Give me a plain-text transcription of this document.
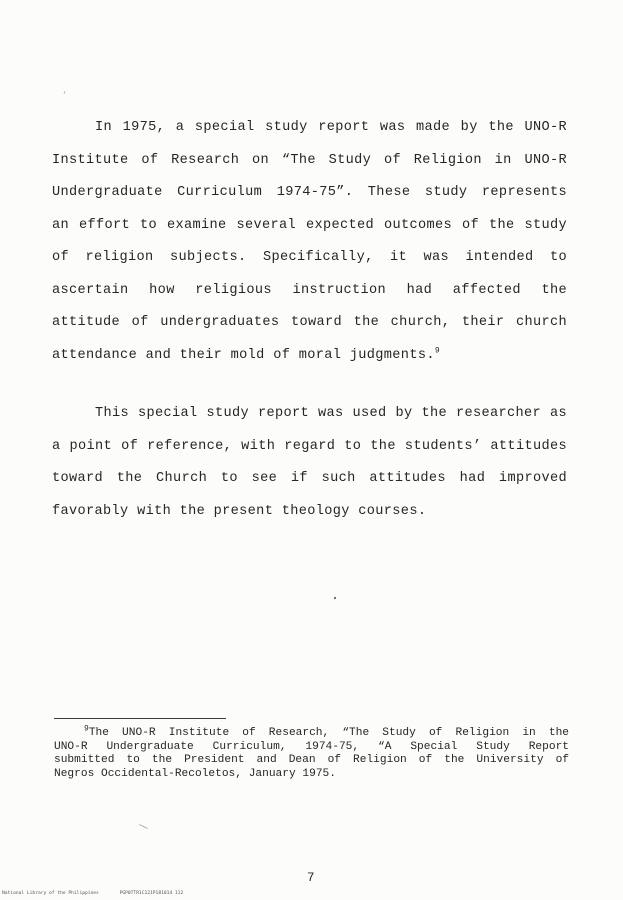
In 1975, a special study report was made by the UNO-R
Institute of Research on “The Study of Religion in UNO-R
Undergraduate Curriculum 1974-75”. These study represents
an effort to examine several expected outcomes of the study
of religion subjects. Specifically, it was intended to
ascertain how religious instruction had affected the
attitude of undergraduates toward the church, their church
attendance and their mold of moral judgments.$^9$
This special study report was used by the researcher as
a point of reference, with regard to the students’ attitudes
toward the Church to see if such attitudes had improved
favorably with the present theology courses.
$^9$The UNO-R Institute of Research, “The Study of Religion in the
UNO-R Undergraduate Curriculum, 1974-75, “A Special Study Report
submitted to the President and Dean of Religion of the University of
Negros Occidental-Recoletos, January 1975.
7
National Library of the Philippines	PGP0TTR1C121P181014 112
